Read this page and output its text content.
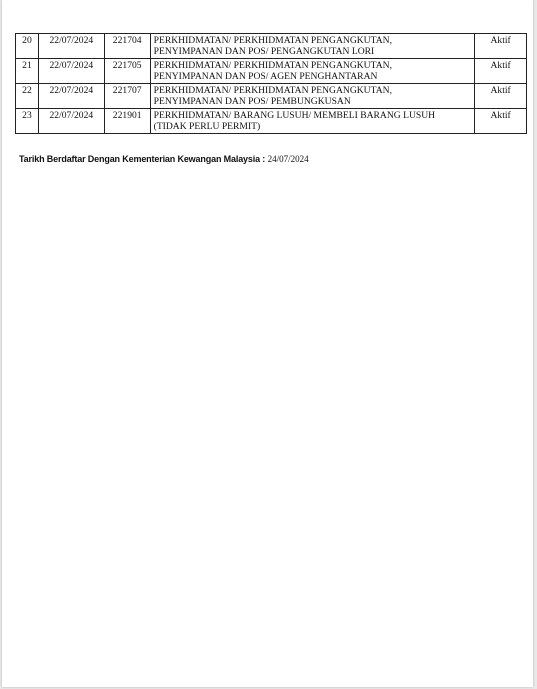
20	22/07/2024	221704	PERKHIDMATAN/ PERKHIDMATAN PENGANGKUTAN,
PENYIMPANAN DAN POS/ PENGANGKUTAN LORI	Aktif
21	22/07/2024	221705	PERKHIDMATAN/ PERKHIDMATAN PENGANGKUTAN,
PENYIMPANAN DAN POS/ AGEN PENGHANTARAN	Aktif
22	22/07/2024	221707	PERKHIDMATAN/ PERKHIDMATAN PENGANGKUTAN,
PENYIMPANAN DAN POS/ PEMBUNGKUSAN	Aktif
23	22/07/2024	221901	PERKHIDMATAN/ BARANG LUSUH/ MEMBELI BARANG LUSUH
(TIDAK PERLU PERMIT)	Aktif
Tarikh Berdaftar Dengan Kementerian Kewangan Malaysia : 24/07/2024
